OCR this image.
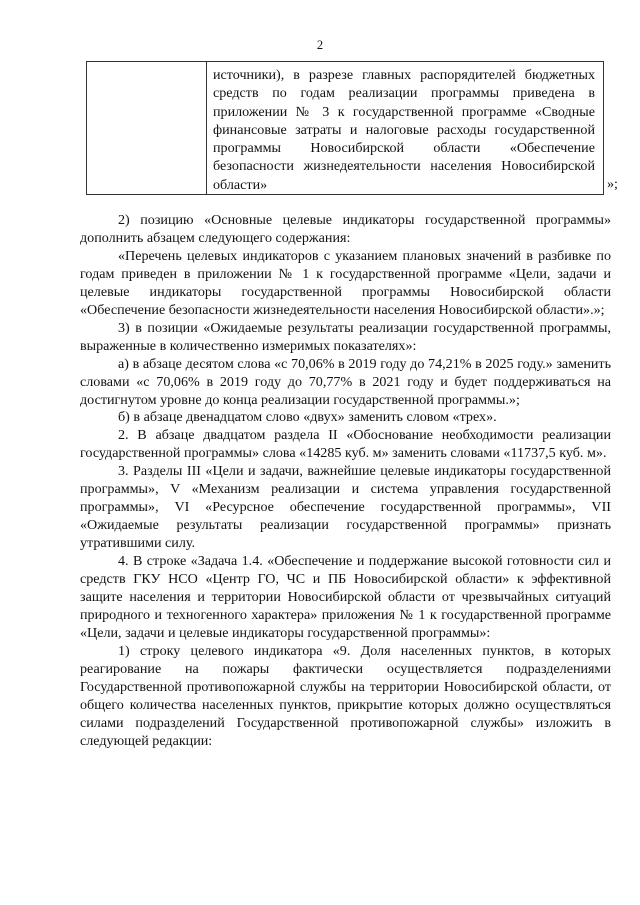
2

источники), в разрезе главных распорядителей бюджетных средств по годам реализации программы приведена в приложении № 3 к государственной программе «Сводные финансовые затраты и налоговые расходы государственной программы Новосибирской области «Обеспечение безопасности жизнедеятельности населения Новосибирской области»	»;

2) позицию «Основные целевые индикаторы государственной программы» дополнить абзацем следующего содержания:

«Перечень целевых индикаторов с указанием плановых значений в разбивке по годам приведен в приложении № 1 к государственной программе «Цели, задачи и целевые индикаторы государственной программы Новосибирской области «Обеспечение безопасности жизнедеятельности населения Новосибирской области».»;

3) в позиции «Ожидаемые результаты реализации государственной программы, выраженные в количественно измеримых показателях»:

а) в абзаце десятом слова «с 70,06% в 2019 году до 74,21% в 2025 году.» заменить словами «с 70,06% в 2019 году до 70,77% в 2021 году и будет поддерживаться на достигнутом уровне до конца реализации государственной программы.»;

б) в абзаце двенадцатом слово «двух» заменить словом «трех».

2. В абзаце двадцатом раздела II «Обоснование необходимости реализации государственной программы» слова «14285 куб. м» заменить словами «11737,5 куб. м».

3. Разделы III «Цели и задачи, важнейшие целевые индикаторы государственной программы», V «Механизм реализации и система управления государственной программы», VI «Ресурсное обеспечение государственной программы», VII «Ожидаемые результаты реализации государственной программы» признать утратившими силу.

4. В строке «Задача 1.4. «Обеспечение и поддержание высокой готовности сил и средств ГКУ НСО «Центр ГО, ЧС и ПБ Новосибирской области» к эффективной защите населения и территории Новосибирской области от чрезвычайных ситуаций природного и техногенного характера» приложения № 1 к государственной программе «Цели, задачи и целевые индикаторы государственной программы»:

1) строку целевого индикатора «9. Доля населенных пунктов, в которых реагирование на пожары фактически осуществляется подразделениями Государственной противопожарной службы на территории Новосибирской области, от общего количества населенных пунктов, прикрытие которых должно осуществляться силами подразделений Государственной противопожарной службы» изложить в следующей редакции:
